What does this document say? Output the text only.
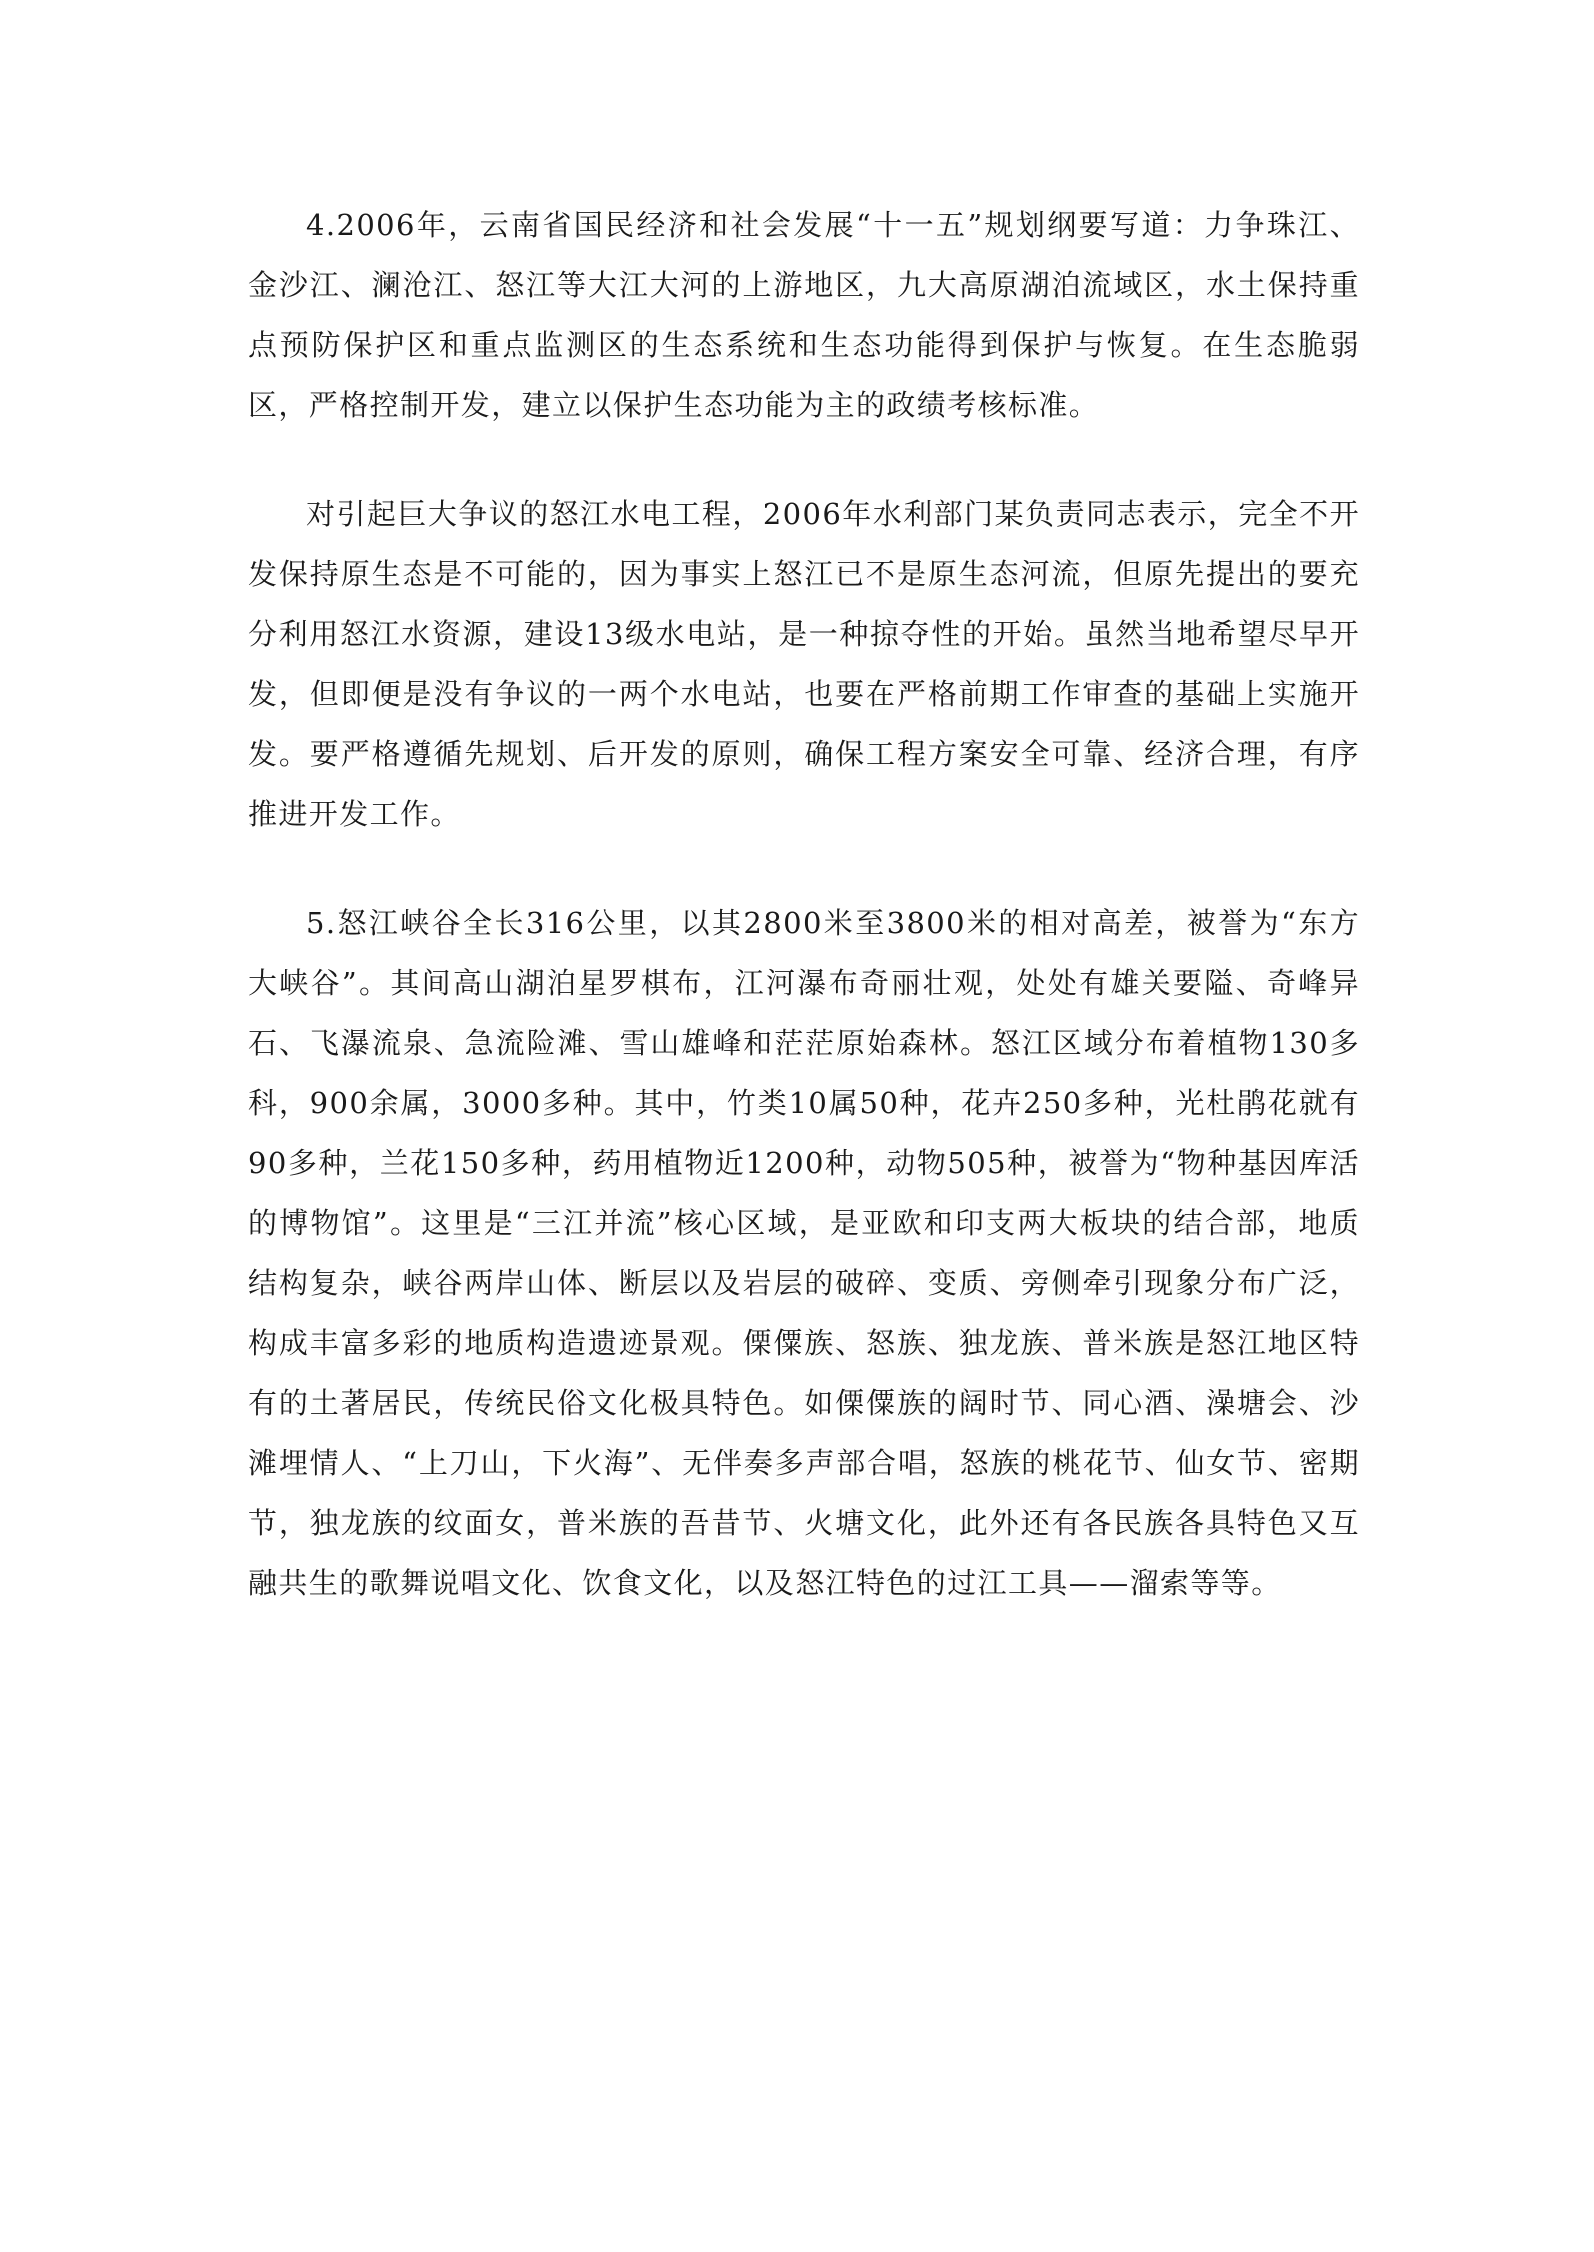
4.2006年，云南省国民经济和社会发展“十一五”规划纲要写道：力争珠江、金沙江、澜沧江、怒江等大江大河的上游地区，九大高原湖泊流域区，水土保持重点预防保护区和重点监测区的生态系统和生态功能得到保护与恢复。在生态脆弱区，严格控制开发，建立以保护生态功能为主的政绩考核标准。

对引起巨大争议的怒江水电工程，2006年水利部门某负责同志表示，完全不开发保持原生态是不可能的，因为事实上怒江已不是原生态河流，但原先提出的要充分利用怒江水资源，建设13级水电站，是一种掠夺性的开始。虽然当地希望尽早开发，但即便是没有争议的一两个水电站，也要在严格前期工作审查的基础上实施开发。要严格遵循先规划、后开发的原则，确保工程方案安全可靠、经济合理，有序推进开发工作。

5.怒江峡谷全长316公里，以其2800米至3800米的相对高差，被誉为“东方大峡谷”。其间高山湖泊星罗棋布，江河瀑布奇丽壮观，处处有雄关要隘、奇峰异石、飞瀑流泉、急流险滩、雪山雄峰和茫茫原始森林。怒江区域分布着植物130多科，900余属，3000多种。其中，竹类10属50种，花卉250多种，光杜鹃花就有90多种，兰花150多种，药用植物近1200种，动物505种，被誉为“物种基因库活的博物馆”。这里是“三江并流”核心区域，是亚欧和印支两大板块的结合部，地质结构复杂，峡谷两岸山体、断层以及岩层的破碎、变质、旁侧牵引现象分布广泛，构成丰富多彩的地质构造遗迹景观。傈僳族、怒族、独龙族、普米族是怒江地区特有的土著居民，传统民俗文化极具特色。如傈僳族的阔时节、同心酒、澡塘会、沙滩埋情人、“上刀山，下火海”、无伴奏多声部合唱，怒族的桃花节、仙女节、密期节，独龙族的纹面女，普米族的吾昔节、火塘文化，此外还有各民族各具特色又互融共生的歌舞说唱文化、饮食文化，以及怒江特色的过江工具——溜索等等。
